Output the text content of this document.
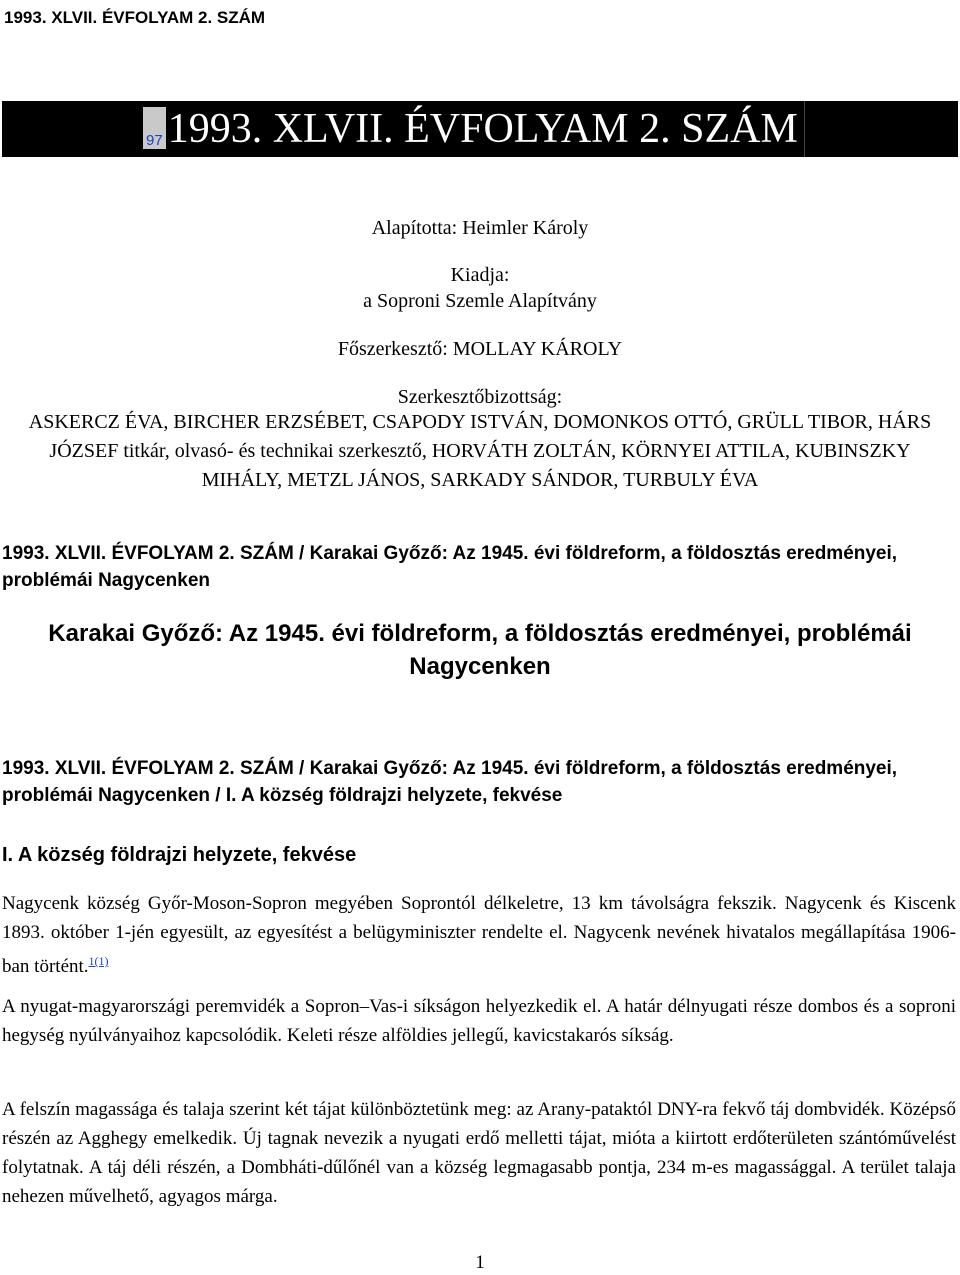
1993. XLVII. ÉVFOLYAM 2. SZÁM
97 1993. XLVII. ÉVFOLYAM 2. SZÁM
Alapította: Heimler Károly
Kiadja:
a Soproni Szemle Alapítvány
Főszerkesztő: MOLLAY KÁROLY
Szerkesztőbizottság:
ASKERCZ ÉVA, BIRCHER ERZSÉBET, CSAPODY ISTVÁN, DOMONKOS OTTÓ, GRÜLL TIBOR, HÁRS JÓZSEF titkár, olvasó- és technikai szerkesztő, HORVÁTH ZOLTÁN, KÖRNYEI ATTILA, KUBINSZKY MIHÁLY, METZL JÁNOS, SARKADY SÁNDOR, TURBULY ÉVA
1993. XLVII. ÉVFOLYAM 2. SZÁM / Karakai Győző: Az 1945. évi földreform, a földosztás eredményei, problémái Nagycenken
Karakai Győző: Az 1945. évi földreform, a földosztás eredményei, problémái Nagycenken
1993. XLVII. ÉVFOLYAM 2. SZÁM / Karakai Győző: Az 1945. évi földreform, a földosztás eredményei, problémái Nagycenken / I. A község földrajzi helyzete, fekvése
I. A község földrajzi helyzete, fekvése
Nagycenk község Győr-Moson-Sopron megyében Soprontól délkeletre, 13 km távolságra fekszik. Nagycenk és Kiscenk 1893. október 1-jén egyesült, az egyesítést a belügyminiszter rendelte el. Nagycenk nevének hivatalos megállapítása 1906-ban történt.$^{1(1)}$
A nyugat-magyarországi peremvidék a Sopron–Vas-i síkságon helyezkedik el. A határ délnyugati része dombos és a soproni hegység nyúlványaihoz kapcsolódik. Keleti része alföldies jellegű, kavicstakarós síkság.
A felszín magassága és talaja szerint két tájat különböztetünk meg: az Arany-pataktól DNY-ra fekvő táj dombvidék. Középső részén az Agghegy emelkedik. Új tagnak nevezik a nyugati erdő melletti tájat, mióta a kiirtott erdőterületen szántóművelést folytatnak. A táj déli részén, a Dombháti-dűlőnél van a község legmagasabb pontja, 234 m-es magassággal. A terület talaja nehezen művelhető, agyagos márga.
1
